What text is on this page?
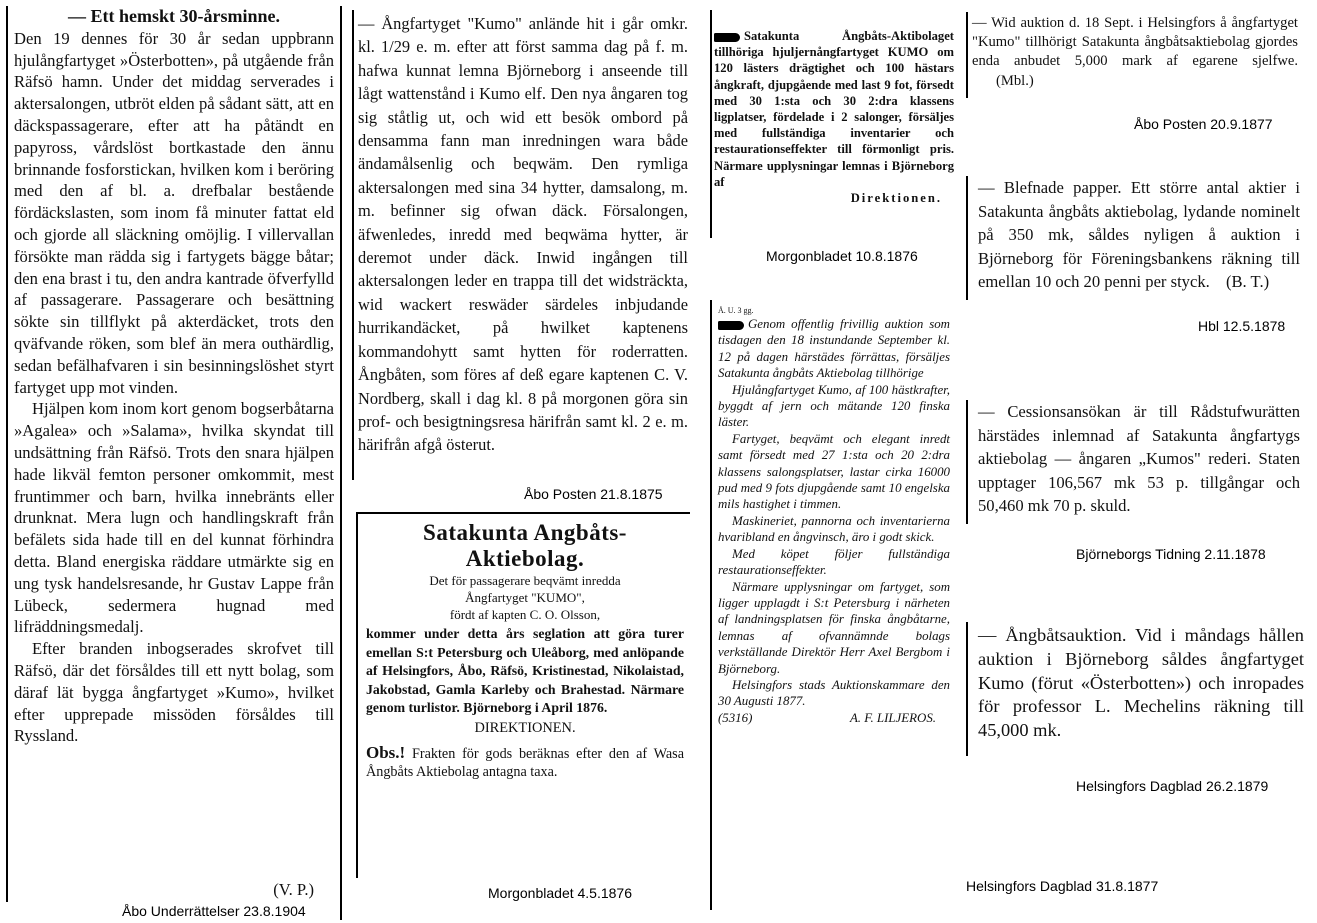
— Ett hemskt 30-årsminne.

Den 19 dennes för 30 år sedan uppbrann hjulångfartyget »Österbotten», på utgående från Räfsö hamn. Under det middag serverades i aktersalongen, utbröt elden på sådant sätt, att en däckspassagerare, efter att ha påtändt en papyross, vårdslöst bortkastade den ännu brinnande fosforstickan, hvilken kom i beröring med den af bl. a. drefbalar bestående fördäckslasten, som inom få minuter fattat eld och gjorde all släckning omöjlig. I villervallan försökte man rädda sig i fartygets bägge båtar; den ena brast i tu, den andra kantrade öfverfylld af passagerare. Passagerare och besättning sökte sin tillflykt på akterdäcket, trots den qväfvande röken, som blef än mera outhärdlig, sedan befälhafvaren i sin besinningslöshet styrt fartyget upp mot vinden.

Hjälpen kom inom kort genom bogserbåtarna »Agalea» och »Salama», hvilka skyndat till undsättning från Räfsö. Trots den snara hjälpen hade likväl femton personer omkommit, mest fruntimmer och barn, hvilka innebränts eller drunknat. Mera lugn och handlingskraft från befälets sida hade till en del kunnat förhindra detta. Bland energiska räddare utmärkte sig en ung tysk handelsresande, hr Gustav Lappe från Lübeck, sedermera hugnad med lifräddningsmedalj.

Efter branden inbogserades skrofvet till Räfsö, där det försåldes till ett nytt bolag, som däraf lät bygga ångfartyget »Kumo», hvilket efter upprepade missöden försåldes till Ryssland.

(V. P.)
Åbo Underrättelser 23.8.1904

— Ångfartyget "Kumo" anlände hit i går omkr. kl. 1/29 e. m. efter att först samma dag på f. m. hafwa kunnat lemna Björneborg i anseende till lågt wattenstånd i Kumo elf. Den nya ångaren tog sig ståtlig ut, och wid ett besök ombord på densamma fann man inredningen wara både ändamålsenlig och beqwäm. Den rymliga aktersalongen med sina 34 hytter, damsalong, m. m. befinner sig ofwan däck. Försalongen, äfwenledes, inredd med beqwäma hytter, är deremot under däck. Inwid ingången till aktersalongen leder en trappa till det widsträckta, wid wackert reswäder särdeles inbjudande hurrikandäcket, på hwilket kaptenens kommandohytt samt hytten för roderratten. Ångbåten, som föres af deß egare kaptenen C. V. Nordberg, skall i dag kl. 8 på morgonen göra sin prof- och besigtningsresa härifrån samt kl. 2 e. m. härifrån afgå österut.

Åbo Posten 21.8.1875
Satakunta Angbåts-
Aktiebolag.
Det för passagerare beqvämt inredda
Ångfartyget "KUMO",
fördt af kapten C. O. Olsson,

kommer under detta års seglation att göra turer emellan S:t Petersburg och Uleåborg, med anlöpande af Helsingfors, Åbo, Räfsö, Kristinestad, Nikolaistad, Jakobstad, Gamla Karleby och Brahestad. Närmare genom turlistor. Björneborg i April 1876.

DIREKTIONEN.

Obs.! Frakten för gods beräknas efter den af Wasa Ångbåts Aktiebolag antagna taxa.

Morgonbladet 4.5.1876
Satakunta Ångbåts-Aktibolaget tillhöriga hjuljernångfartyget KUMO om 120 lästers drägtighet och 100 hästars ångkraft, djupgående med last 9 fot, försedt med 30 1:sta och 30 2:dra klassens ligplatser, fördelade i 2 salonger, försäljes med fullständiga inventarier och restaurationseffekter till förmonligt pris. Närmare upplysningar lemnas i Björneborg af
Direktionen.
Morgonbladet 10.8.1876
Å. U. 3 gg.

Genom offentlig frivillig auktion som tisdagen den 18 instundande September kl. 12 på dagen härstädes förrättas, försäljes Satakunta ångbåts Aktiebolag tillhörige

Hjulångfartyget Kumo, af 100 hästkrafter, byggdt af jern och mätande 120 finska läster.

Fartyget, beqvämt och elegant inredt samt försedt med 27 1:sta och 20 2:dra klassens salongsplatser, lastar cirka 16000 pud med 9 fots djupgående samt 10 engelska mils hastighet i timmen.

Maskineriet, pannorna och inventarierna hvaribland en ångvinsch, äro i godt skick.

Med köpet följer fullständiga restaurationseffekter.

Närmare upplysningar om fartyget, som ligger upplagdt i S:t Petersburg i närheten af landningsplatsen för finska ångbåtarne, lemnas af ofvannämnde bolags verkställande Direktör Herr Axel Bergbom i Björneborg.

Helsingfors stads Auktionskammare den 30 Augusti 1877.

(5316)	A. F. LILJEROS.
Helsingfors Dagblad 31.8.1877
— Wid auktion d. 18 Sept. i Helsingfors å ångfartyget "Kumo" tillhörigt Satakunta ångbåtsaktiebolag gjordes enda anbudet 5,000 mark af egarene sjelfwe. (Mbl.)
Åbo Posten 20.9.1877
— Blefnade papper. Ett större antal aktier i Satakunta ångbåts aktiebolag, lydande nominelt på 350 mk, såldes nyligen å auktion i Björneborg för Föreningsbankens räkning till emellan 10 och 20 penni per styck. (B. T.)
Hbl 12.5.1878

— Cessionsansökan är till Rådstufwurätten härstädes inlemnad af Satakunta ångfartygs aktiebolag — ångaren „Kumos" rederi. Staten upptager 106,567 mk 53 p. tillgångar och 50,460 mk 70 p. skuld.

Björneborgs Tidning 2.11.1878

— Ångbåtsauktion. Vid i måndags hållen auktion i Björneborg såldes ångfartyget Kumo (förut «Österbotten») och inropades för professor L. Mechelins räkning till 45,000 mk.

Helsingfors Dagblad 26.2.1879
